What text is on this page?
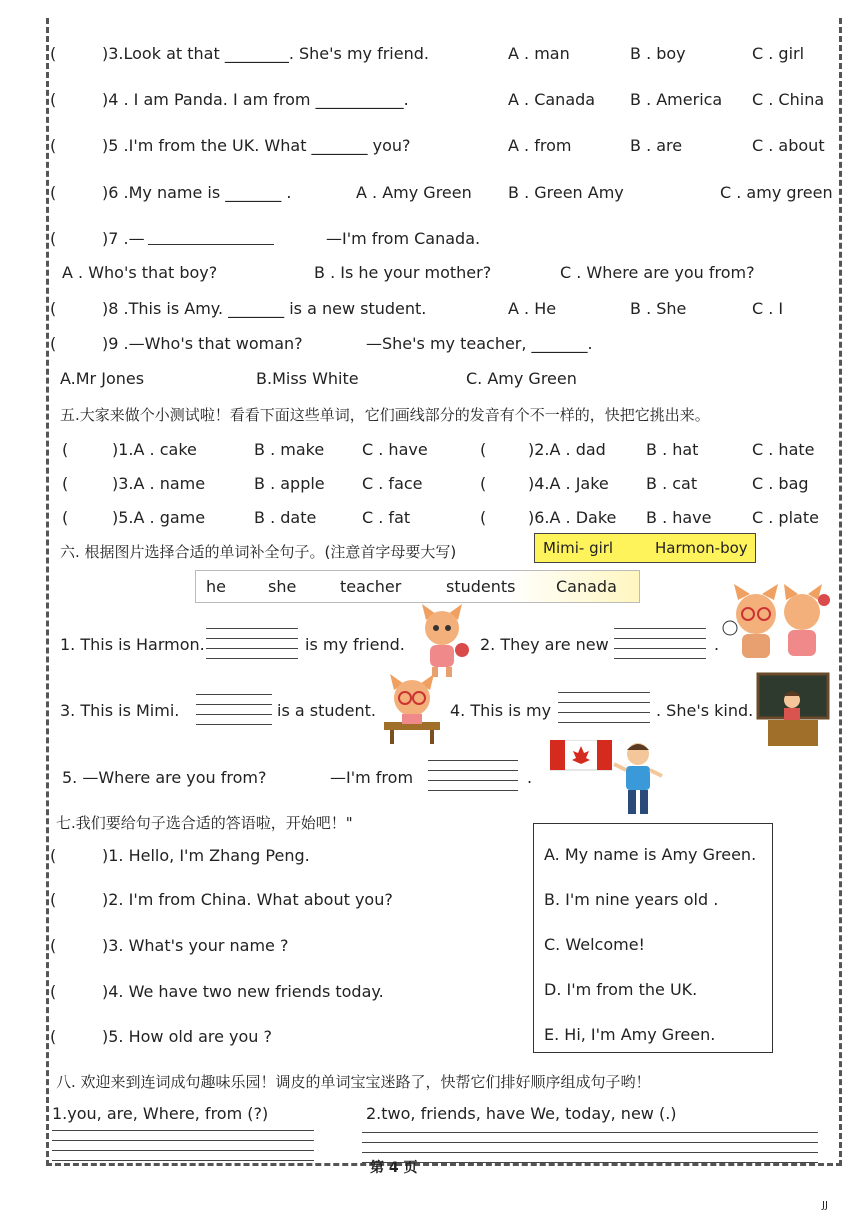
(	)3.Look at that ________. She's my friend.	A . man	B . boy	C . girl
(	)4 . I am Panda. I am from ___________.	A . Canada B . America C . China
(	)5 .I'm from the UK. What _______ you?	A . from	B . are	C . about
(	)6 .My name is _______ .	A . Amy Green B . Green Amy	C . amy green
(	)7 .—	—I'm from Canada.
A . Who's that boy?	B . Is he your mother?	C . Where are you from?
(	)8 .This is Amy. _______ is a new student.	A . He	B . She	C . I
(	)9 .—Who's that woman?	—She's my teacher, _______.
A.Mr Jones	B.Miss White	C. Amy Green
五.大家来做个小测试啦！看看下面这些单词，它们画线部分的发音有个不一样的，快把它挑出来。
(	)1.A . cake	B . make C . have	(	)2.A . dad	B . hat	C . hate
(	)3.A . name	B . apple C . face	(	)4.A . Jake B . cat	C . bag
(	)5.A . game	B . date	C . fat	(	)6.A . Dake B . have	C . plate
六. 根据图片选择合适的单词补全句子。(注意首字母要大写)	Mimi- girl	Harmon-boy
he	she	teacher	students	Canada
1. This is Harmon.	is my friend.	2. They are new	.
3. This is Mimi.	is a student.	4. This is my	. She's kind.
5. —Where are you from?	—I'm from	.
七.我们要给句子选合适的答语啦，开始吧！"
(	)1. Hello, I'm Zhang Peng.
(	)2. I'm from China. What about you?
(	)3. What's your name ?
(	)4. We have two new friends today.
(	)5. How old are you ?
A. My name is Amy Green.
B. I'm nine years old .
C. Welcome!
D. I'm from the UK.
E. Hi, I'm Amy Green.
八. 欢迎来到连词成句趣味乐园！调皮的单词宝宝迷路了，快帮它们排好顺序组成句子哟！
1.you, are, Where, from (?)	2.two, friends, have We, today, new (.)
第 4 页
JJ
